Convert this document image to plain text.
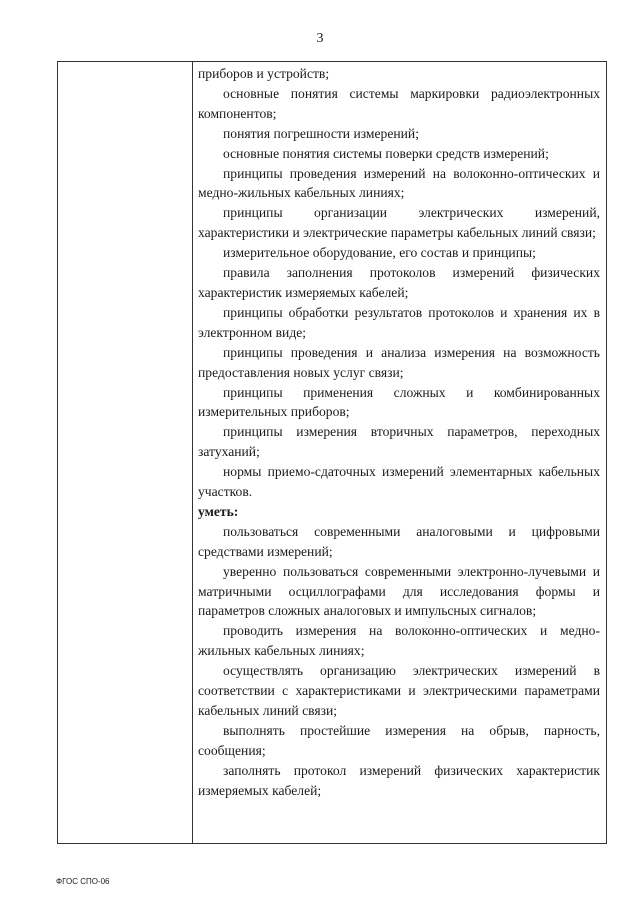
3

приборов и устройств;

основные понятия системы маркировки радиоэлектронных компонентов;

понятия погрешности измерений;

основные понятия системы поверки средств измерений;

принципы проведения измерений на волоконно-оптических и медно-жильных кабельных линиях;

принципы организации электрических измерений, характеристики и электрические параметры кабельных линий связи;

измерительное оборудование, его состав и принципы;

правила заполнения протоколов измерений физических характеристик измеряемых кабелей;

принципы обработки результатов протоколов и хранения их в электронном виде;

принципы проведения и анализа измерения на возможность предоставления новых услуг связи;

принципы применения сложных и комбинированных измерительных приборов;

принципы измерения вторичных параметров, переходных затуханий;

нормы приемо-сдаточных измерений элементарных кабельных участков.

уметь:

пользоваться современными аналоговыми и цифровыми средствами измерений;

уверенно пользоваться современными электронно-лучевыми и матричными осциллографами для исследования формы и параметров сложных аналоговых и импульсных сигналов;

проводить измерения на волоконно-оптических и медно-жильных кабельных линиях;

осуществлять организацию электрических измерений в соответствии с характеристиками и электрическими параметрами кабельных линий связи;

выполнять простейшие измерения на обрыв, парность, сообщения;

заполнять протокол измерений физических характеристик измеряемых кабелей;

ФГОС СПО-06
